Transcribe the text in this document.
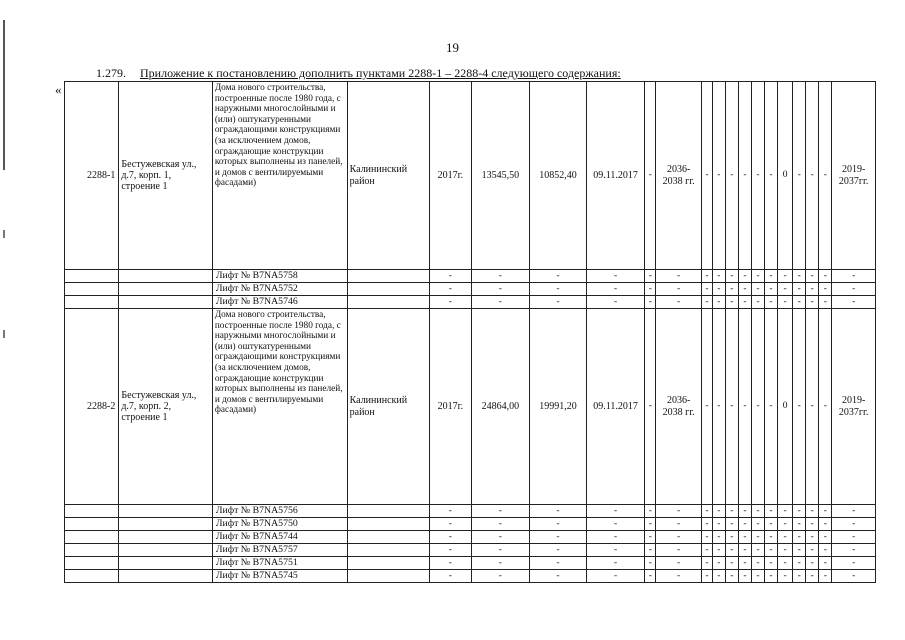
19
1.279. Приложение к постановлению дополнить пунктами 2288-1 – 2288-4 следующего содержания:
«
2288-1	Бестужевская ул., д.7, корп. 1, строение 1	Дома нового строительства, построенные после 1980 года, с наружными многослойными и (или) оштукатуренными ограждающими конструкциями (за исключением домов, ограждающие конструкции которых выполнены из панелей, и домов с вентилируемыми фасадами)	Калининский район	2017г.	13545,50	10852,40	09.11.2017	-	2036-2038 гг.	-	-	-	-	-	-	0	-	-	-	2019-2037гг.
		Лифт № B7NA5758		-	-	-	-	-	-	-	-	-	-	-	-	-	-	-	-	-
		Лифт № B7NA5752		-	-	-	-	-	-	-	-	-	-	-	-	-	-	-	-	-
		Лифт № B7NA5746		-	-	-	-	-	-	-	-	-	-	-	-	-	-	-	-	-
2288-2	Бестужевская ул., д.7, корп. 2, строение 1	Дома нового строительства, построенные после 1980 года, с наружными многослойными и (или) оштукатуренными ограждающими конструкциями (за исключением домов, ограждающие конструкции которых выполнены из панелей, и домов с вентилируемыми фасадами)	Калининский район	2017г.	24864,00	19991,20	09.11.2017	-	2036-2038 гг.	-	-	-	-	-	-	0	-	-	-	2019-2037гг.
		Лифт № B7NA5756		-	-	-	-	-	-	-	-	-	-	-	-	-	-	-	-	-
		Лифт № B7NA5750		-	-	-	-	-	-	-	-	-	-	-	-	-	-	-	-	-
		Лифт № B7NA5744		-	-	-	-	-	-	-	-	-	-	-	-	-	-	-	-	-
		Лифт № B7NA5757		-	-	-	-	-	-	-	-	-	-	-	-	-	-	-	-	-
		Лифт № B7NA5751		-	-	-	-	-	-	-	-	-	-	-	-	-	-	-	-	-
		Лифт № B7NA5745		-	-	-	-	-	-	-	-	-	-	-	-	-	-	-	-	-
